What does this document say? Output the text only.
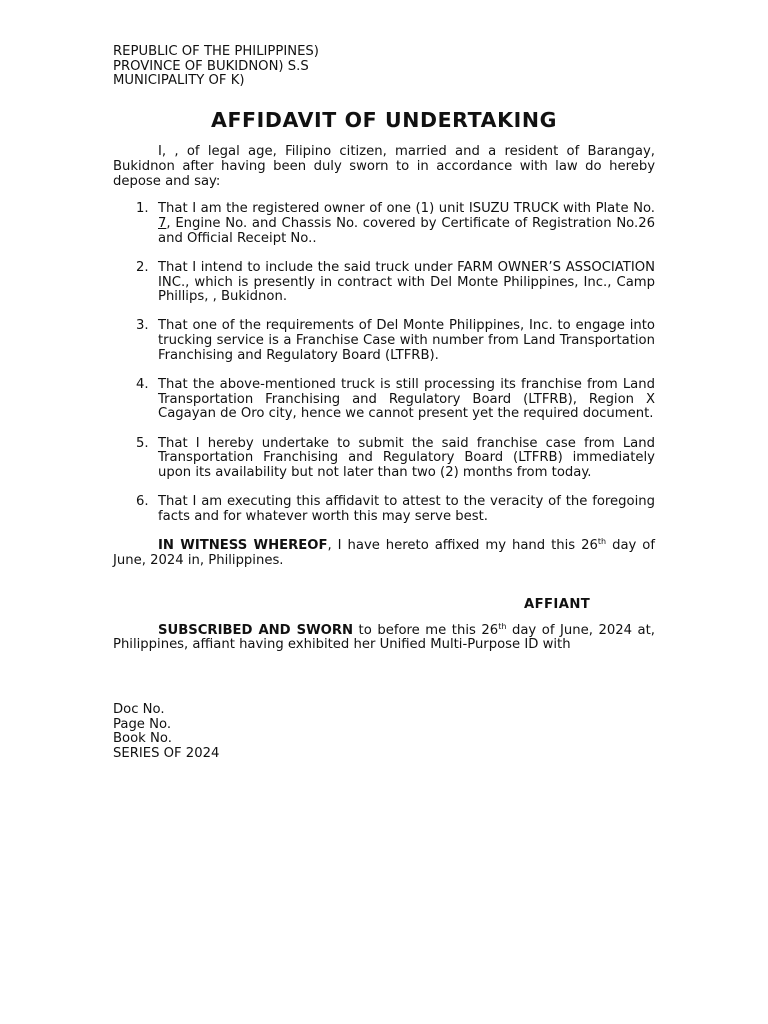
REPUBLIC OF THE PHILIPPINES)
PROVINCE OF BUKIDNON) S.S
MUNICIPALITY OF K)
AFFIDAVIT OF UNDERTAKING

I, , of legal age, Filipino citizen, married and a resident of Barangay, Bukidnon after having been duly sworn to in accordance with law do hereby depose and say:

1. That I am the registered owner of one (1) unit ISUZU TRUCK with Plate No. 7, Engine No. and Chassis No. covered by Certificate of Registration No.26 and Official Receipt No..
2. That I intend to include the said truck under FARM OWNER’S ASSOCIATION INC., which is presently in contract with Del Monte Philippines, Inc., Camp Phillips, , Bukidnon.
3. That one of the requirements of Del Monte Philippines, Inc. to engage into trucking service is a Franchise Case with number from Land Transportation Franchising and Regulatory Board (LTFRB).
4. That the above-mentioned truck is still processing its franchise from Land Transportation Franchising and Regulatory Board (LTFRB), Region X Cagayan de Oro city, hence we cannot present yet the required document.
5. That I hereby undertake to submit the said franchise case from Land Transportation Franchising and Regulatory Board (LTFRB) immediately upon its availability but not later than two (2) months from today.
6. That I am executing this affidavit to attest to the veracity of the foregoing facts and for whatever worth this may serve best.

IN WITNESS WHEREOF, I have hereto affixed my hand this 26th day of June, 2024 in, Philippines.

AFFIANT

SUBSCRIBED AND SWORN to before me this 26th day of June, 2024 at, Philippines, affiant having exhibited her Unified Multi-Purpose ID with

Doc No.
Page No.
Book No.
SERIES OF 2024
